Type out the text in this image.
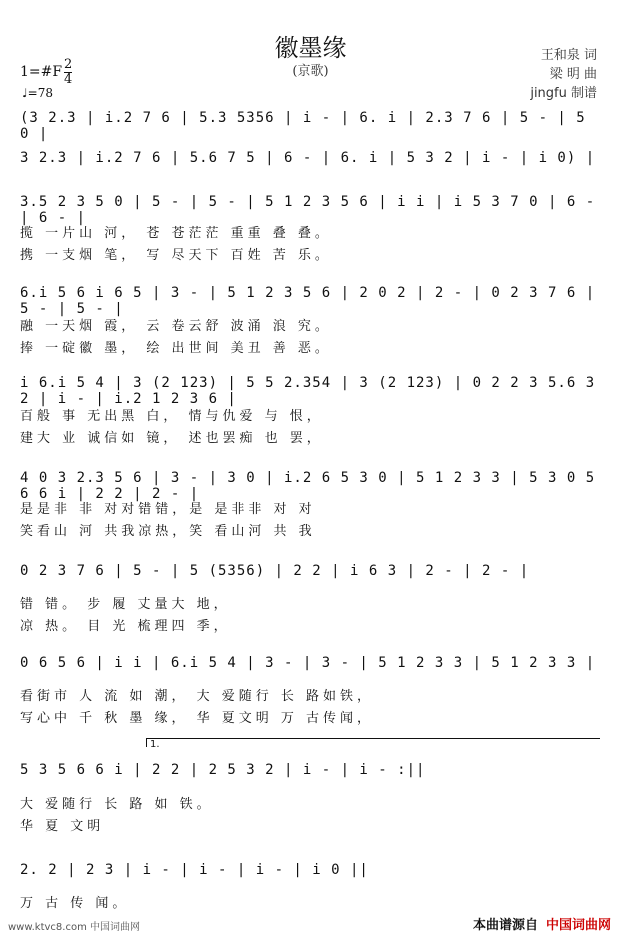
徽墨缘
(京歌)
王和泉 词
梁 明 曲
jingfu 制谱
1=#F 2
4
♩=78
(3 2.3 | i.2 7 6 | 5.3 5356 | i - | 6. i | 2.3 7 6 | 5 - | 5 0 |
3 2.3 | i.2 7 6 | 5.6 7 5 | 6 - | 6. i | 5 3 2 | i - | i 0) |
3.5 2 3 5 0 | 5 - | 5 - | 5 1 2 3 5 6 | i i | i 5 3 7 0 | 6 - | 6 - |
揽 一片山 河， 苍 苍茫茫 重重 叠 叠。
携 一支烟 笔， 写 尽天下 百姓 苦 乐。
6.i 5 6 i 6 5 | 3 - | 5 1 2 3 5 6 | 2 0 2 | 2 - | 0 2 3 7 6 | 5 - | 5 - |
融 一天烟 霞， 云 卷云舒 波涌 浪 究。
捧 一碇徽 墨， 绘 出世间 美丑 善 恶。
i 6.i 5 4 | 3 (2 123) | 5 5 2.354 | 3 (2 123) | 0 2 2 3 5.6 3 2 | i - | i.2 1 2 3 6 |
百般 事 无出黑 白， 情与仇爱 与 恨，
建大 业 诚信如 镜， 述也罢痴 也 罢，
4 0 3 2.3 5 6 | 3 - | 3 0 | i.2 6 5 3 0 | 5 1 2 3 3 | 5 3 0 5 6 6 i | 2 2 | 2 - |
是是非 非 对对错错，是 是非非 对 对
笑看山 河 共我凉热，笑 看山河 共 我
0 2 3 7 6 | 5 - | 5 (5356) | 2 2 | i 6 3 | 2 - | 2 - |
错 错。 步 履 丈量大 地，
凉 热。 目 光 梳理四 季，
0 6 5 6 | i i | 6.i 5 4 | 3 - | 3 - | 5 1 2 3 3 | 5 1 2 3 3 |
看街市 人 流 如 潮， 大 爱随行 长 路如铁，
写心中 千 秋 墨 缘， 华 夏文明 万 古传闻，
1.
5 3 5 6 6 i | 2 2 | 2 5 3 2 | i - | i - :||
大 爱随行 长 路 如 铁。
华 夏 文明
2. 2 | 2 3 | i - | i - | i - | i 0 ||
万 古 传 闻。
www.ktvc8.com 中国词曲网	本曲谱源自 中国词曲网
